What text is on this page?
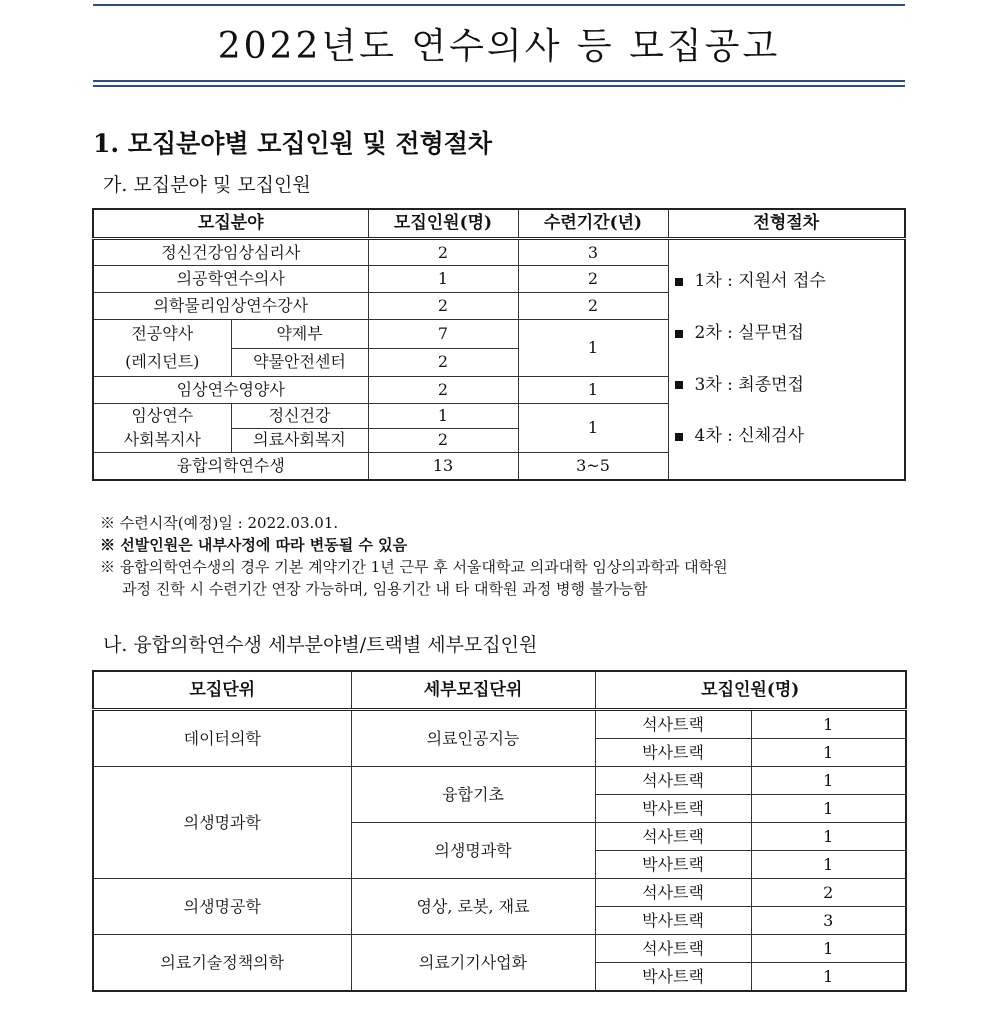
2022년도 연수의사 등 모집공고
1. 모집분야별 모집인원 및 전형절차
가. 모집분야 및 모집인원
모집분야		모집인원(명)	수련기간(년)	전형절차
정신건강임상심리사		2	3	1차 : 지원서 접수
2차 : 실무면접
3차 : 최종면접
4차 : 신체검사

의공학연수의사		1	2	
의학물리임상연수강사		2	2	
전공약사
(레지던트)	약제부	7	1	
	약물안전센터	2		
임상연수영양사		2	1	
임상연수
사회복지사	정신건강	1	1	
	의료사회복지	2		
융합의학연수생		13	3~5	
※ 수련시작(예정)일 : 2022.03.01.
※ 선발인원은 내부사정에 따라 변동될 수 있음
※ 융합의학연수생의 경우 기본 계약기간 1년 근무 후 서울대학교 의과대학 임상의과학과 대학원
과정 진학 시 수련기간 연장 가능하며, 임용기간 내 타 대학원 과정 병행 불가능함
나. 융합의학연수생 세부분야별/트랙별 세부모집인원
모집단위	세부모집단위	모집인원(명)	
데이터의학	의료인공지능	석사트랙	1
		박사트랙	1
의생명과학	융합기초	석사트랙	1
		박사트랙	1
	의생명과학	석사트랙	1
		박사트랙	1
의생명공학	영상, 로봇, 재료	석사트랙	2
		박사트랙	3
의료기술정책의학	의료기기사업화	석사트랙	1
		박사트랙	1
